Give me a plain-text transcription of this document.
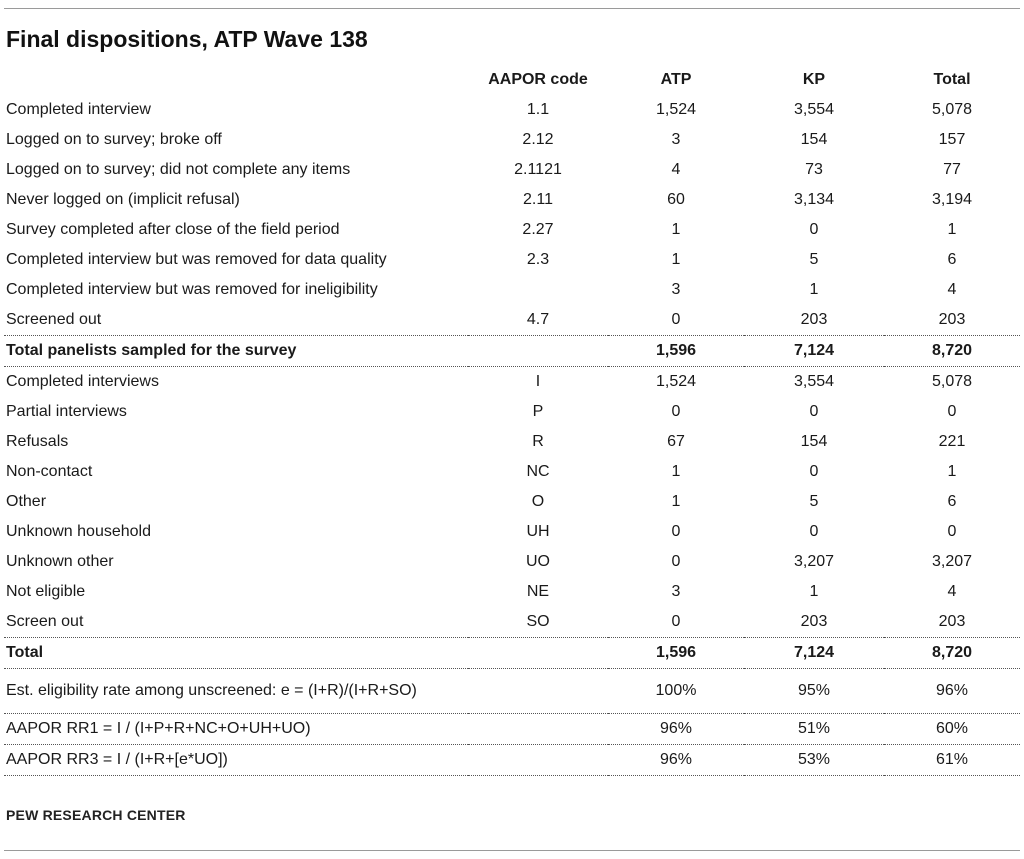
Final dispositions, ATP Wave 138
	AAPOR code	ATP	KP	Total
Completed interview	1.1	1,524	3,554	5,078
Logged on to survey; broke off	2.12	3	154	157
Logged on to survey; did not complete any items	2.1121	4	73	77
Never logged on (implicit refusal)	2.11	60	3,134	3,194
Survey completed after close of the field period	2.27	1	0	1
Completed interview but was removed for data quality	2.3	1	5	6
Completed interview but was removed for ineligibility		3	1	4
Screened out	4.7	0	203	203
Total panelists sampled for the survey		1,596	7,124	8,720
Completed interviews	I	1,524	3,554	5,078
Partial interviews	P	0	0	0
Refusals	R	67	154	221
Non-contact	NC	1	0	1
Other	O	1	5	6
Unknown household	UH	0	0	0
Unknown other	UO	0	3,207	3,207
Not eligible	NE	3	1	4
Screen out	SO	0	203	203
Total		1,596	7,124	8,720
Est. eligibility rate among unscreened: e = (I+R)/(I+R+SO)		100%	95%	96%
AAPOR RR1 = I / (I+P+R+NC+O+UH+UO)		96%	51%	60%
AAPOR RR3 = I / (I+R+[e*UO])		96%	53%	61%
PEW RESEARCH CENTER
